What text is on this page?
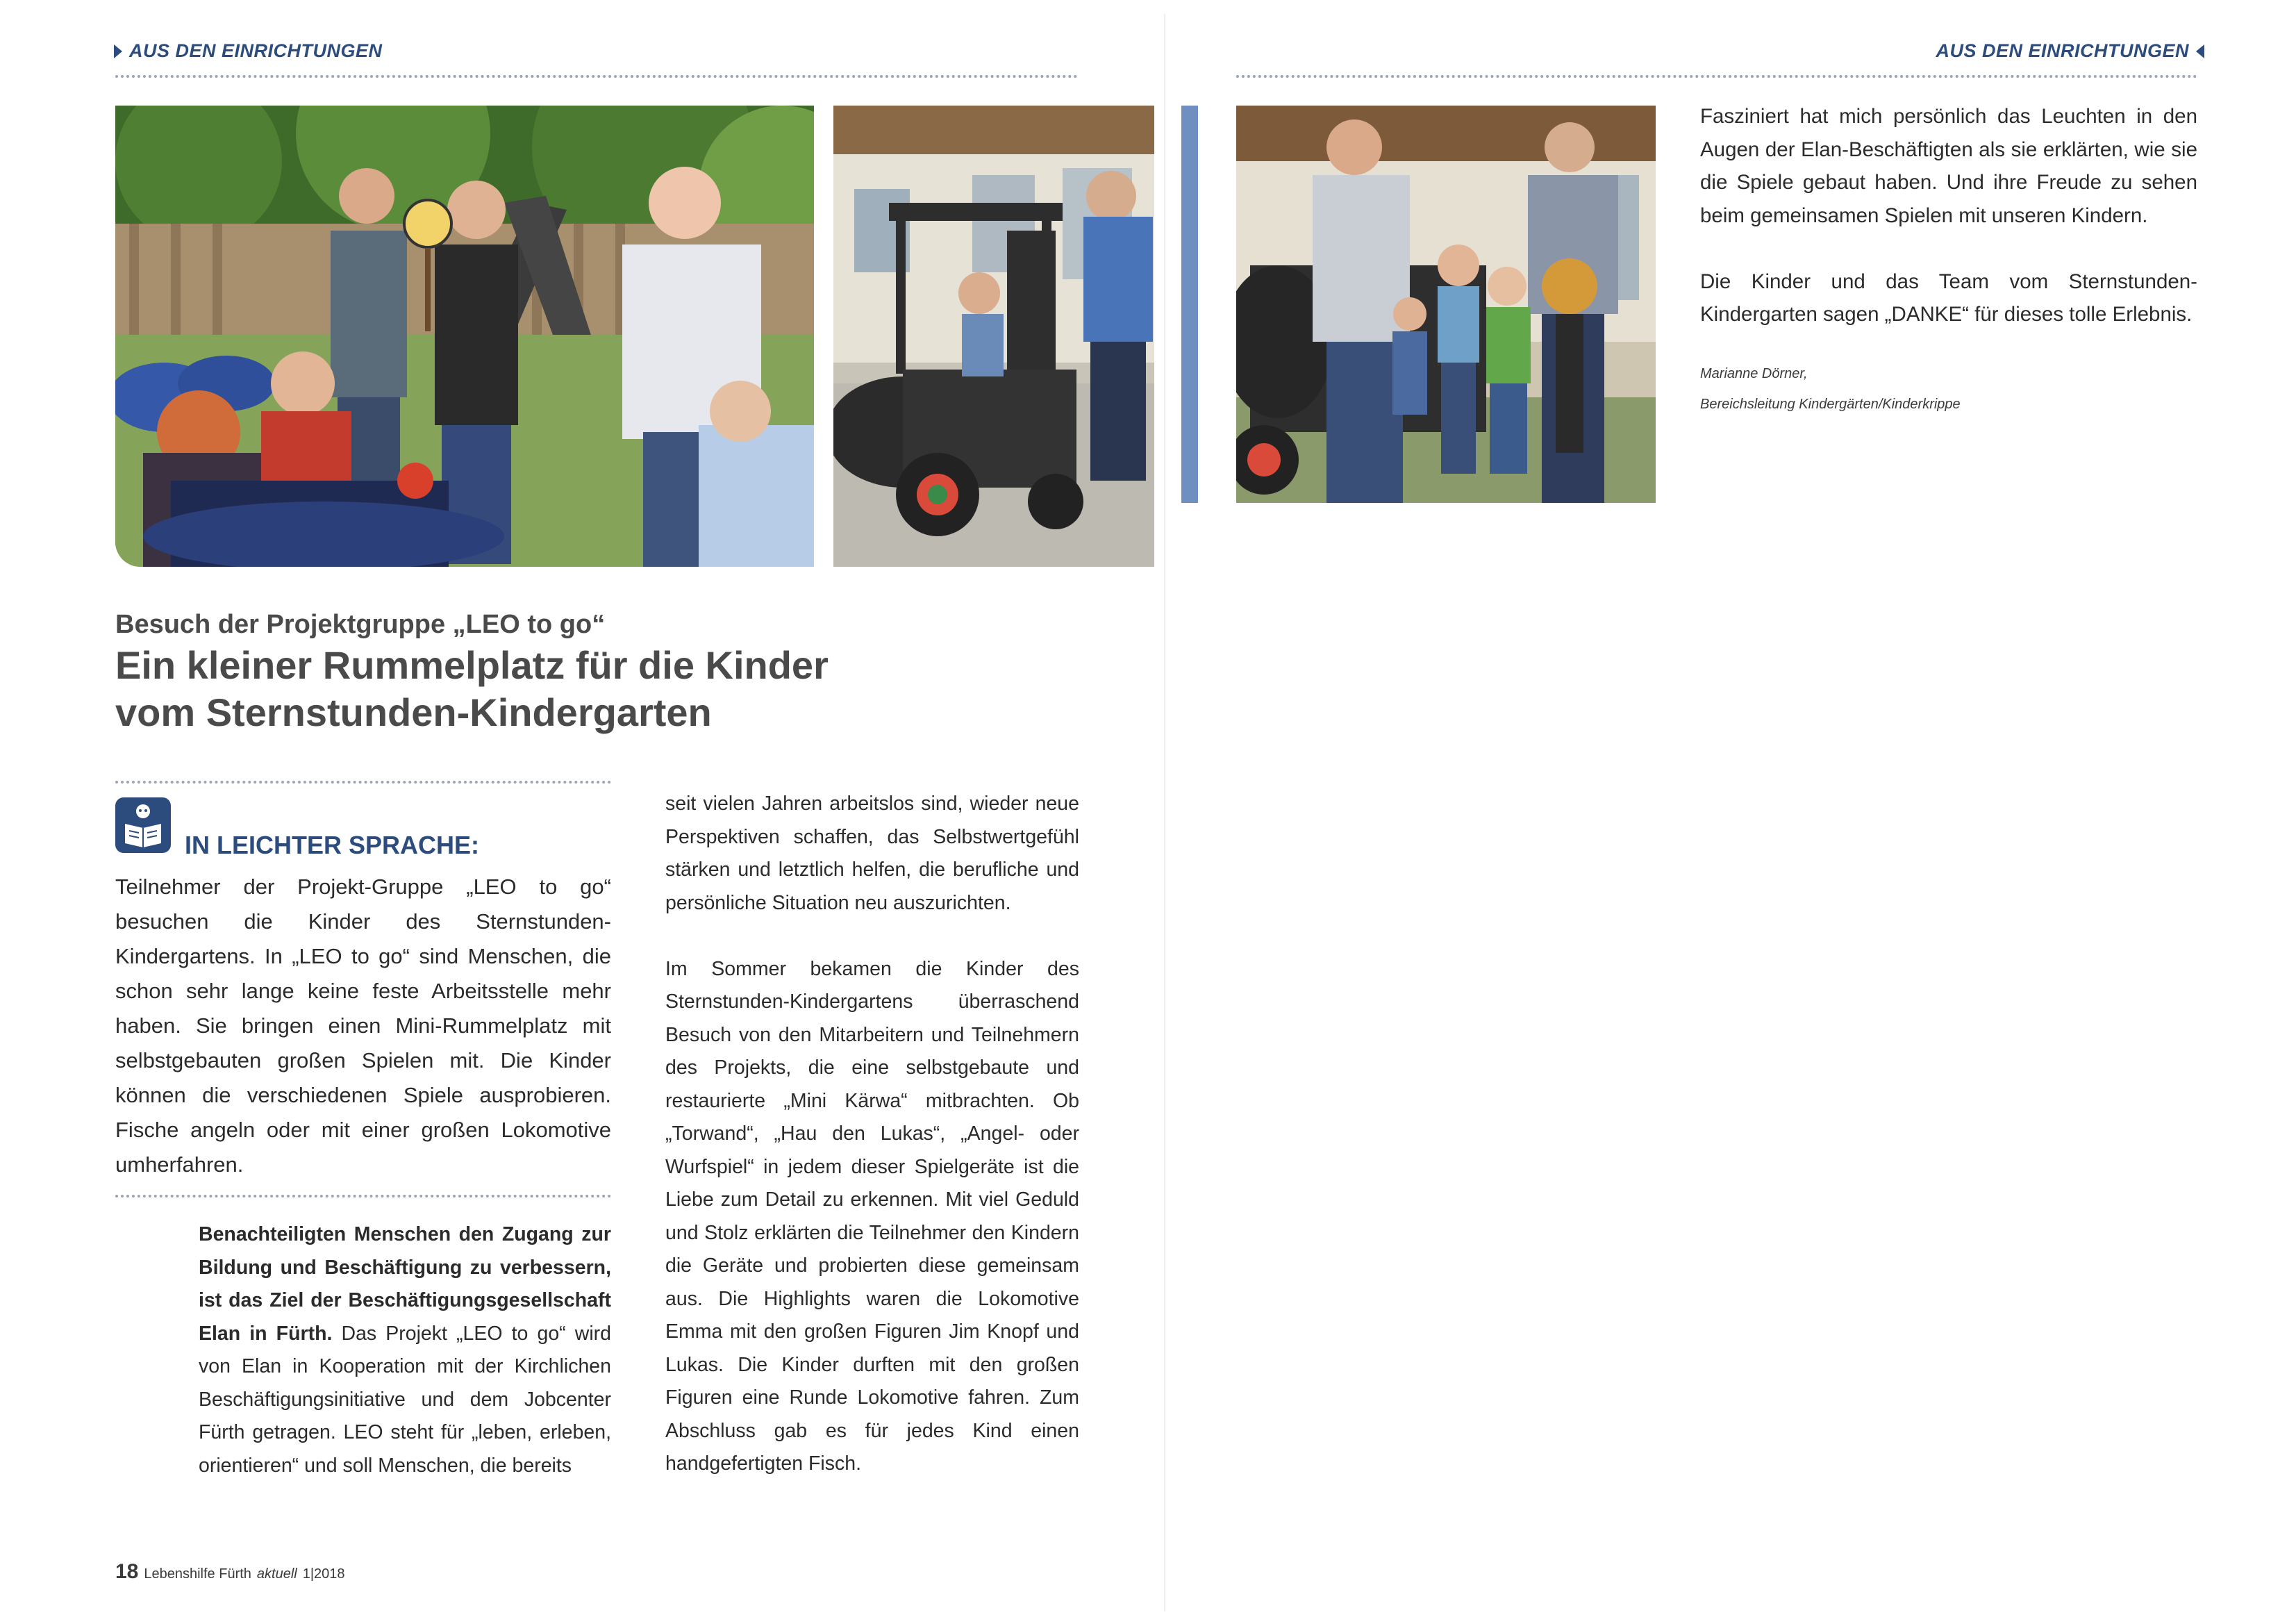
AUS DEN EINRICHTUNGEN	AUS DEN EINRICHTUNGEN
Besuch der Projektgruppe „LEO to go“
Ein kleiner Rummelplatz für die Kinder
vom Sternstunden-Kindergarten
IN LEICHTER SPRACHE:
Teilnehmer der Projekt-Gruppe „LEO to go“ besuchen die Kinder des Sternstunden-Kindergartens. In „LEO to go“ sind Menschen, die schon sehr lange keine feste Arbeitsstelle mehr haben. Sie bringen einen Mini-Rummelplatz mit selbstgebauten großen Spielen mit. Die Kinder können die verschiedenen Spiele ausprobieren. Fische angeln oder mit einer großen Lokomotive umherfahren.

Benachteiligten Menschen den Zugang zur Bildung und Beschäftigung zu verbessern, ist das Ziel der Beschäftigungsgesellschaft Elan in Fürth. Das Projekt „LEO to go“ wird von Elan in Kooperation mit der Kirchlichen Beschäftigungsinitiative und dem Jobcenter Fürth getragen. LEO steht für „leben, erleben, orientieren“ und soll Menschen, die bereits

seit vielen Jahren arbeitslos sind, wieder neue Perspektiven schaffen, das Selbstwertgefühl stärken und letztlich helfen, die berufliche und persönliche Situation neu auszurichten.

Im Sommer bekamen die Kinder des Sternstunden-Kindergartens überraschend Besuch von den Mitarbeitern und Teilnehmern des Projekts, die eine selbstgebaute und restaurierte „Mini Kärwa“ mitbrachten. Ob „Torwand“, „Hau den Lukas“, „Angel- oder Wurfspiel“ in jedem dieser Spielgeräte ist die Liebe zum Detail zu erkennen. Mit viel Geduld und Stolz erklärten die Teilnehmer den Kindern die Geräte und probierten diese gemeinsam aus. Die Highlights waren die Lokomotive Emma mit den großen Figuren Jim Knopf und Lukas. Die Kinder durften mit den großen Figuren eine Runde Lokomotive fahren. Zum Abschluss gab es für jedes Kind einen handgefertigten Fisch.

Fasziniert hat mich persönlich das Leuchten in den Augen der Elan-Beschäftigten als sie erklärten, wie sie die Spiele gebaut haben. Und ihre Freude zu sehen beim gemeinsamen Spielen mit unseren Kindern.

Die Kinder und das Team vom Sternstunden-Kindergarten sagen „DANKE“ für dieses tolle Erlebnis.

Marianne Dörner,
Bereichsleitung Kindergärten/Kinderkrippe
18 Lebenshilfe Fürth aktuell 1|2018
